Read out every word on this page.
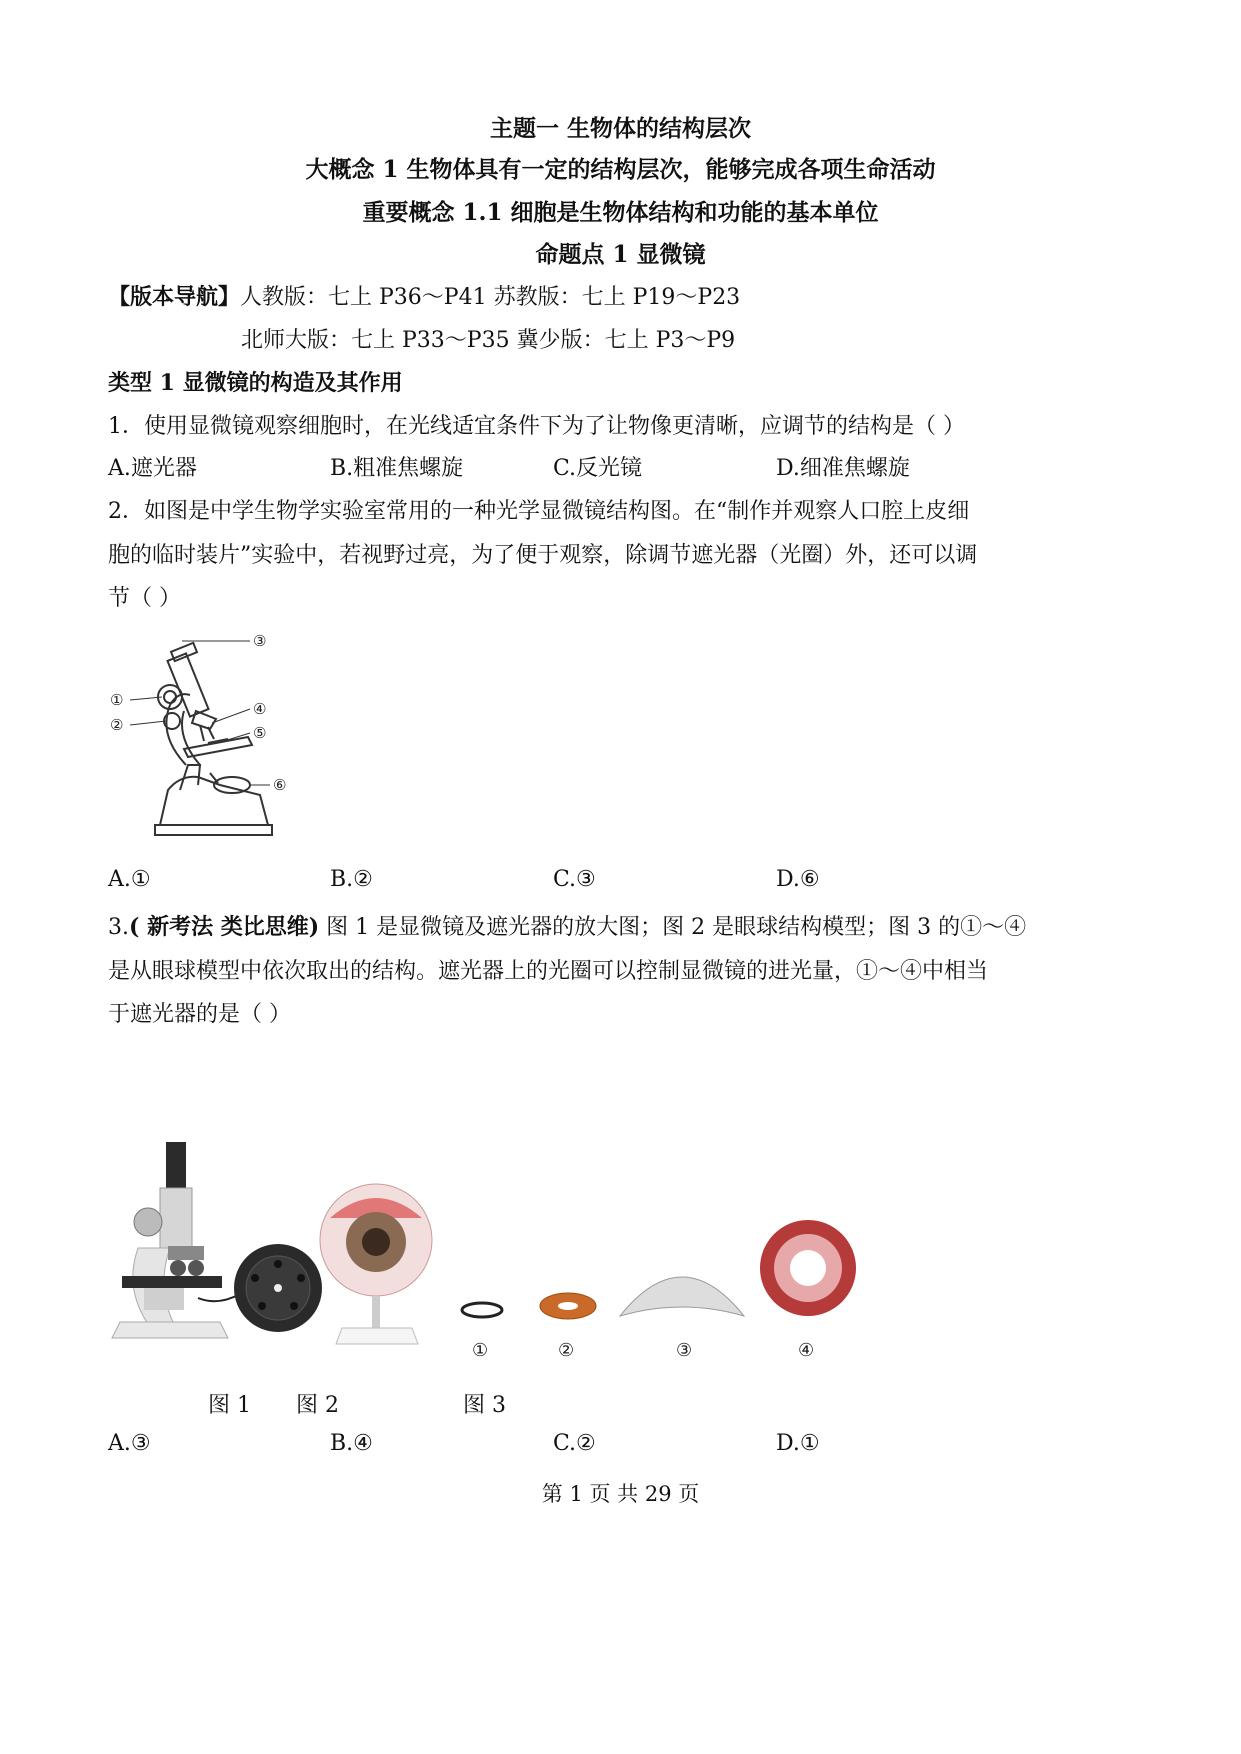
主题一 生物体的结构层次
大概念 1 生物体具有一定的结构层次，能够完成各项生命活动
重要概念 1.1 细胞是生物体结构和功能的基本单位
命题点 1 显微镜
【版本导航】人教版：七上 P36～P41 苏教版：七上 P19～P23
北师大版：七上 P33～P35 冀少版：七上 P3～P9
类型 1 显微镜的构造及其作用
1．使用显微镜观察细胞时，在光线适宜条件下为了让物像更清晰，应调节的结构是（ ）
A.遮光器	B.粗准焦螺旋	C.反光镜	D.细准焦螺旋
2．如图是中学生物学实验室常用的一种光学显微镜结构图。在“制作并观察人口腔上皮细
胞的临时装片”实验中，若视野过亮，为了便于观察，除调节遮光器（光圈）外，还可以调
节（ ）
③
①
②
④
⑤
⑥
A.①	B.②	C.③	D.⑥
3.( 新考法 类比思维) 图 1 是显微镜及遮光器的放大图；图 2 是眼球结构模型；图 3 的①～④
是从眼球模型中依次取出的结构。遮光器上的光圈可以控制显微镜的进光量，①～④中相当
于遮光器的是（ ）
①	②	③	④
图 1 图 2	图 3
A.③	B.④	C.②	D.①
第 1 页 共 29 页
